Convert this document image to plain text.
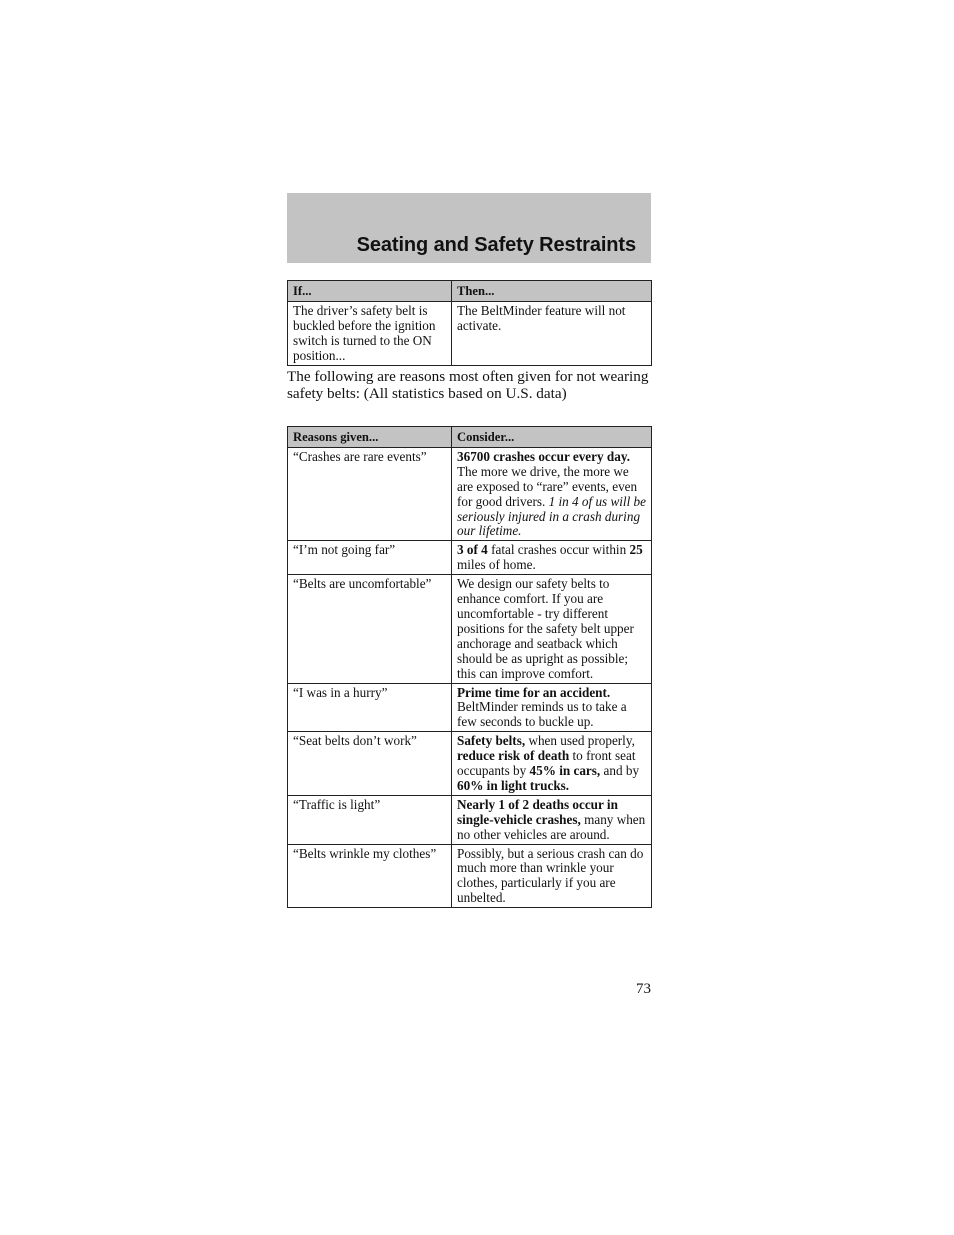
Seating and Safety Restraints
If...	Then...
The driver’s safety belt is buckled before the ignition switch is turned to the ON position...	The BeltMinder feature will not activate.

The following are reasons most often given for not wearing safety belts: (All statistics based on U.S. data)

Reasons given...	Consider...
“Crashes are rare events”	36700 crashes occur every day. The more we drive, the more we are exposed to “rare” events, even for good drivers. 1 in 4 of us will be seriously injured in a crash during our lifetime.
“I’m not going far”	3 of 4 fatal crashes occur within 25 miles of home.
“Belts are uncomfortable”	We design our safety belts to enhance comfort. If you are uncomfortable - try different positions for the safety belt upper anchorage and seatback which should be as upright as possible; this can improve comfort.
“I was in a hurry”	Prime time for an accident. BeltMinder reminds us to take a few seconds to buckle up.
“Seat belts don’t work”	Safety belts, when used properly, reduce risk of death to front seat occupants by 45% in cars, and by 60% in light trucks.
“Traffic is light”	Nearly 1 of 2 deaths occur in single-vehicle crashes, many when no other vehicles are around.
“Belts wrinkle my clothes”	Possibly, but a serious crash can do much more than wrinkle your clothes, particularly if you are unbelted.

73
